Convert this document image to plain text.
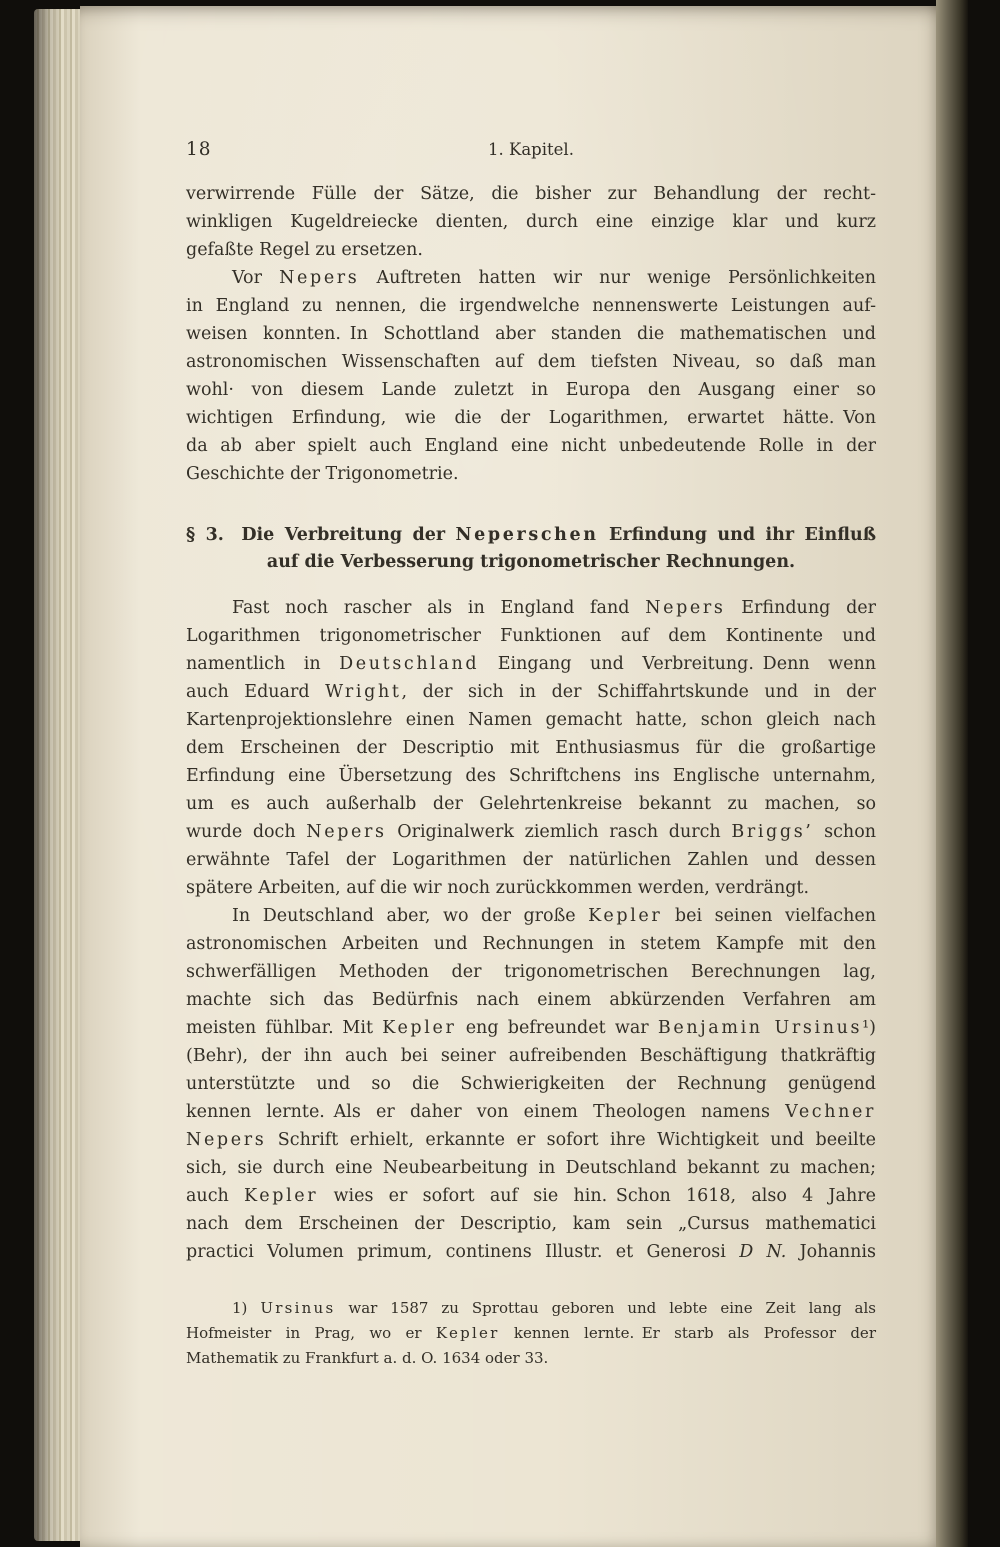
18	1. Kapitel.
verwirrende Fülle der Sätze, die bisher zur Behandlung der recht-
winkligen Kugeldreiecke dienten, durch eine einzige klar und kurz
gefaßte Regel zu ersetzen.
Vor Nepers Auftreten hatten wir nur wenige Persönlichkeiten
in England zu nennen, die irgendwelche nennenswerte Leistungen auf-
weisen konnten. In Schottland aber standen die mathematischen und
astronomischen Wissenschaften auf dem tiefsten Niveau, so daß man
wohl· von diesem Lande zuletzt in Europa den Ausgang einer so
wichtigen Erfindung, wie die der Logarithmen, erwartet hätte. Von
da ab aber spielt auch England eine nicht unbedeutende Rolle in der
Geschichte der Trigonometrie.
§ 3. Die Verbreitung der Neperschen Erfindung und ihr Einfluß
auf die Verbesserung trigonometrischer Rechnungen.
Fast noch rascher als in England fand Nepers Erfindung der
Logarithmen trigonometrischer Funktionen auf dem Kontinente und
namentlich in Deutschland Eingang und Verbreitung. Denn wenn
auch Eduard Wright, der sich in der Schiffahrtskunde und in der
Kartenprojektionslehre einen Namen gemacht hatte, schon gleich nach
dem Erscheinen der Descriptio mit Enthusiasmus für die großartige
Erfindung eine Übersetzung des Schriftchens ins Englische unternahm,
um es auch außerhalb der Gelehrtenkreise bekannt zu machen, so
wurde doch Nepers Originalwerk ziemlich rasch durch Briggs’ schon
erwähnte Tafel der Logarithmen der natürlichen Zahlen und dessen
spätere Arbeiten, auf die wir noch zurückkommen werden, verdrängt.
In Deutschland aber, wo der große Kepler bei seinen vielfachen
astronomischen Arbeiten und Rechnungen in stetem Kampfe mit den
schwerfälligen Methoden der trigonometrischen Berechnungen lag,
machte sich das Bedürfnis nach einem abkürzenden Verfahren am
meisten fühlbar. Mit Kepler eng befreundet war Benjamin Ursinus¹)
(Behr), der ihn auch bei seiner aufreibenden Beschäftigung thatkräftig
unterstützte und so die Schwierigkeiten der Rechnung genügend
kennen lernte. Als er daher von einem Theologen namens Vechner
Nepers Schrift erhielt, erkannte er sofort ihre Wichtigkeit und beeilte
sich, sie durch eine Neubearbeitung in Deutschland bekannt zu machen;
auch Kepler wies er sofort auf sie hin. Schon 1618, also 4 Jahre
nach dem Erscheinen der Descriptio, kam sein „Cursus mathematici
practici Volumen primum, continens Illustr. et Generosi D N. Johannis
1) Ursinus war 1587 zu Sprottau geboren und lebte eine Zeit lang als
Hofmeister in Prag, wo er Kepler kennen lernte. Er starb als Professor der
Mathematik zu Frankfurt a. d. O. 1634 oder 33.
